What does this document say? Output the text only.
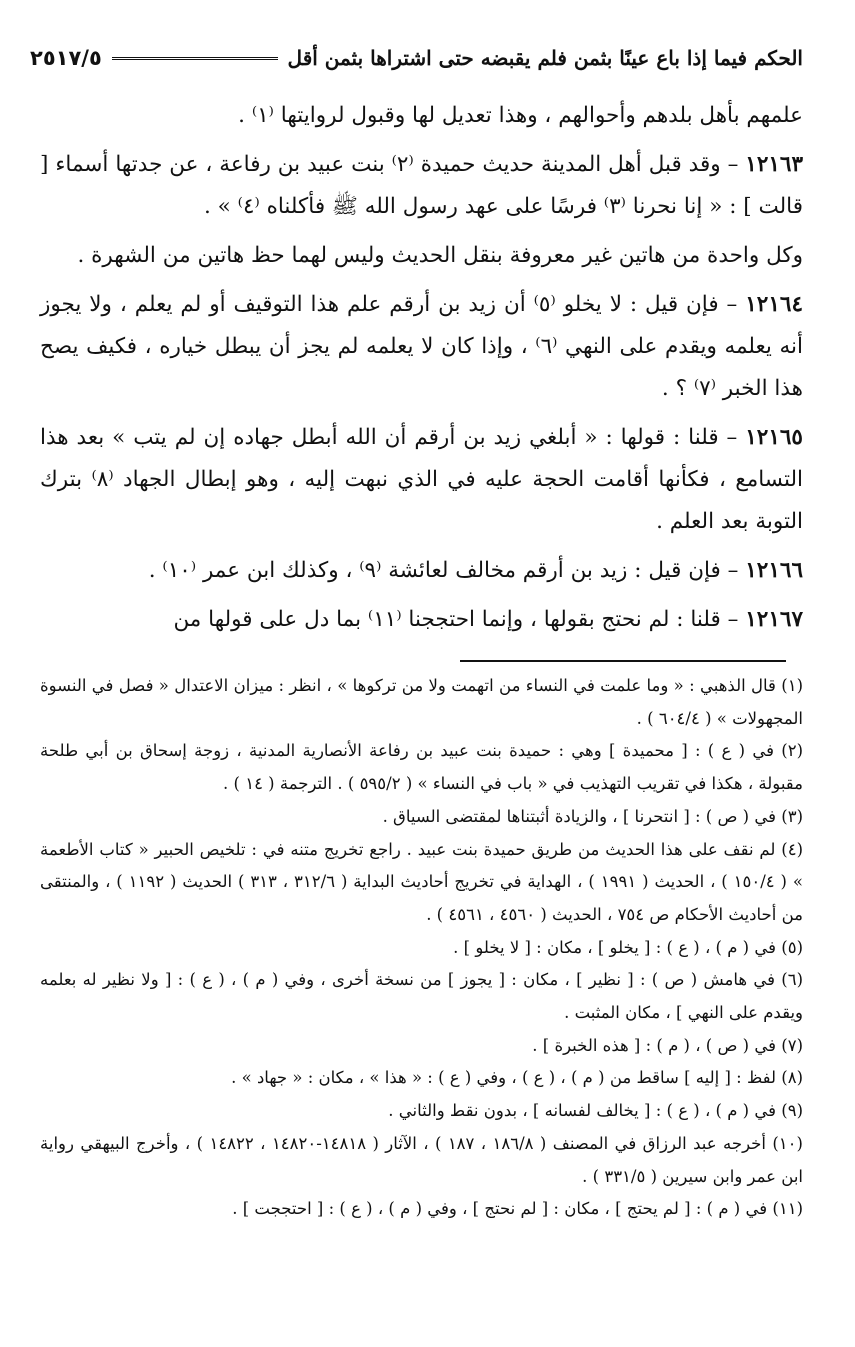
الحكم فيما إذا باع عينًا بثمن فلم يقبضه حتى اشتراها بثمن أقل
٢٥١٧/٥

علمهم بأهل بلدهم وأحوالهم ، وهذا تعديل لها وقبول لروايتها ⁽١⁾ .

١٢١٦٣ – وقد قبل أهل المدينة حديث حميدة ⁽٢⁾ بنت عبيد بن رفاعة ، عن جدتها أسماء [ قالت ] : « إنا نحرنا ⁽٣⁾ فرسًا على عهد رسول الله ﷺ فأكلناه ⁽٤⁾ » .

وكل واحدة من هاتين غير معروفة بنقل الحديث وليس لهما حظ هاتين من الشهرة .

١٢١٦٤ – فإن قيل : لا يخلو ⁽٥⁾ أن زيد بن أرقم علم هذا التوقيف أو لم يعلم ، ولا يجوز أنه يعلمه ويقدم على النهي ⁽٦⁾ ، وإذا كان لا يعلمه لم يجز أن يبطل خياره ، فكيف يصح هذا الخبر ⁽٧⁾ ؟ .

١٢١٦٥ – قلنا : قولها : « أبلغي زيد بن أرقم أن الله أبطل جهاده إن لم يتب » بعد هذا التسامع ، فكأنها أقامت الحجة عليه في الذي نبهت إليه ، وهو إبطال الجهاد ⁽٨⁾ بترك التوبة بعد العلم .

١٢١٦٦ – فإن قيل : زيد بن أرقم مخالف لعائشة ⁽٩⁾ ، وكذلك ابن عمر ⁽١٠⁾ .

١٢١٦٧ – قلنا : لم نحتج بقولها ، وإنما احتججنا ⁽١١⁾ بما دل على قولها من

(١) قال الذهبي : « وما علمت في النساء من اتهمت ولا من تركوها » ، انظر : ميزان الاعتدال « فصل في النسوة المجهولات » ( ٦٠٤/٤ ) .

(٢) في ( ع ) : [ محميدة ] وهي : حميدة بنت عبيد بن رفاعة الأنصارية المدنية ، زوجة إسحاق بن أبي طلحة مقبولة ، هكذا في تقريب التهذيب في « باب في النساء » ( ٥٩٥/٢ ) . الترجمة ( ١٤ ) .

(٣) في ( ص ) : [ انتحرنا ] ، والزيادة أثبتناها لمقتضى السياق .

(٤) لم نقف على هذا الحديث من طريق حميدة بنت عبيد . راجع تخريج متنه في : تلخيص الحبير « كتاب الأطعمة » ( ١٥٠/٤ ) ، الحديث ( ١٩٩١ ) ، الهداية في تخريج أحاديث البداية ( ٣١٢/٦ ، ٣١٣ ) الحديث ( ١١٩٢ ) ، والمنتقى من أحاديث الأحكام ص ٧٥٤ ، الحديث ( ٤٥٦٠ ، ٤٥٦١ ) .

(٥) في ( م ) ، ( ع ) : [ يخلو ] ، مكان : [ لا يخلو ] .

(٦) في هامش ( ص ) : [ نظير ] ، مكان : [ يجوز ] من نسخة أخرى ، وفي ( م ) ، ( ع ) : [ ولا نظير له بعلمه ويقدم على النهي ] ، مكان المثبت .

(٧) في ( ص ) ، ( م ) : [ هذه الخبرة ] .

(٨) لفظ : [ إليه ] ساقط من ( م ) ، ( ع ) ، وفي ( ع ) : « هذا » ، مكان : « جهاد » .

(٩) في ( م ) ، ( ع ) : [ يخالف لفسانه ] ، بدون نقط والثاني .

(١٠) أخرجه عبد الرزاق في المصنف ( ١٨٦/٨ ، ١٨٧ ) ، الآثار ( ١٤٨١٨-١٤٨٢٠ ، ١٤٨٢٢ ) ، وأخرج البيهقي رواية ابن عمر وابن سيرين ( ٣٣١/٥ ) .

(١١) في ( م ) : [ لم يحتج ] ، مكان : [ لم نحتج ] ، وفي ( م ) ، ( ع ) : [ احتججت ] .
